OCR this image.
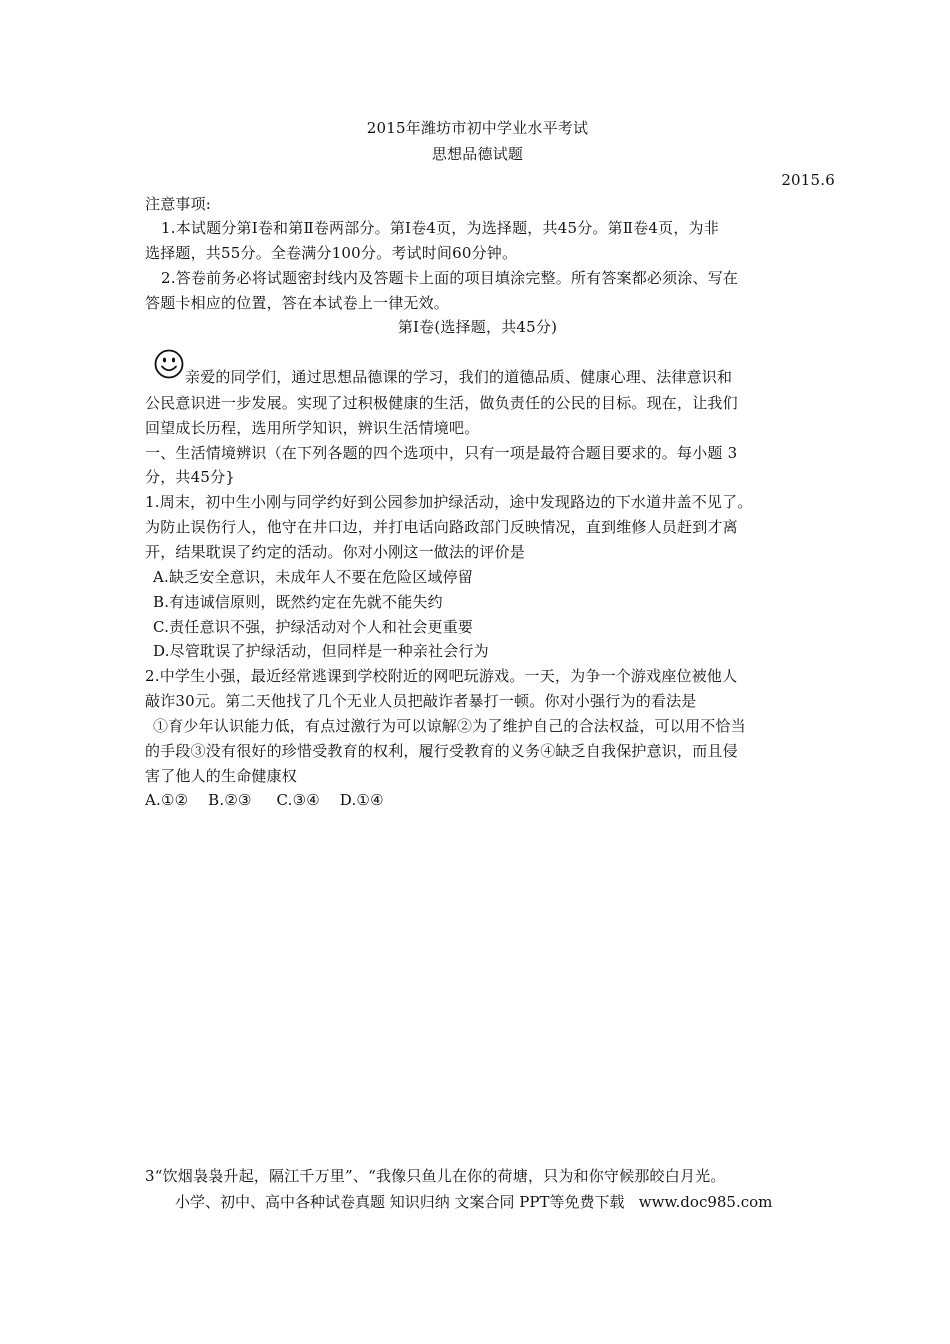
2015年潍坊市初中学业水平考试
思想品德试题
2015.6
注意事项:
1.本试题分第Ⅰ卷和第Ⅱ卷两部分。第Ⅰ卷4页，为选择题，共45分。第Ⅱ卷4页，为非
选择题，共55分。全卷满分100分。考试时间60分钟。
2.答卷前务必将试题密封线内及答题卡上面的项目填涂完整。所有答案都必须涂、写在
答题卡相应的位置，答在本试卷上一律无效。
第Ⅰ卷(选择题，共45分)
亲爱的同学们，通过思想品德课的学习，我们的道德品质、健康心理、法律意识和
公民意识进一步发展。实现了过积极健康的生活，做负责任的公民的目标。现在，让我们
回望成长历程，选用所学知识，辨识生活情境吧。
一、生活情境辨识（在下列各题的四个选项中，只有一项是最符合题目要求的。每小题 3
分，共45分}
1.周末，初中生小刚与同学约好到公园参加护绿活动，途中发现路边的下水道井盖不见了。
为防止误伤行人，他守在井口边，并打电话向路政部门反映情况，直到维修人员赶到才离
开，结果耽误了约定的活动。你对小刚这一做法的评价是
A.缺乏安全意识，未成年人不要在危险区域停留
B.有违诚信原则，既然约定在先就不能失约
C.责任意识不强，护绿活动对个人和社会更重要
D.尽管耽误了护绿活动，但同样是一种亲社会行为
2.中学生小强，最近经常逃课到学校附近的网吧玩游戏。一天，为争一个游戏座位被他人
敲诈30元。第二天他找了几个无业人员把敲诈者暴打一顿。你对小强行为的看法是
①育少年认识能力低，有点过激行为可以谅解②为了维护自己的合法权益，可以用不恰当
的手段③没有很好的珍惜受教育的权利，履行受教育的义务④缺乏自我保护意识，而且侵
害了他人的生命健康权
A.①②    B.②③     C.③④    D.①④
3“饮烟袅袅升起，隔江千万里”、“我像只鱼儿在你的荷塘，只为和你守候那皎白月光。
小学、初中、高中各种试卷真题 知识归纳 文案合同 PPT等免费下载   www.doc985.com
